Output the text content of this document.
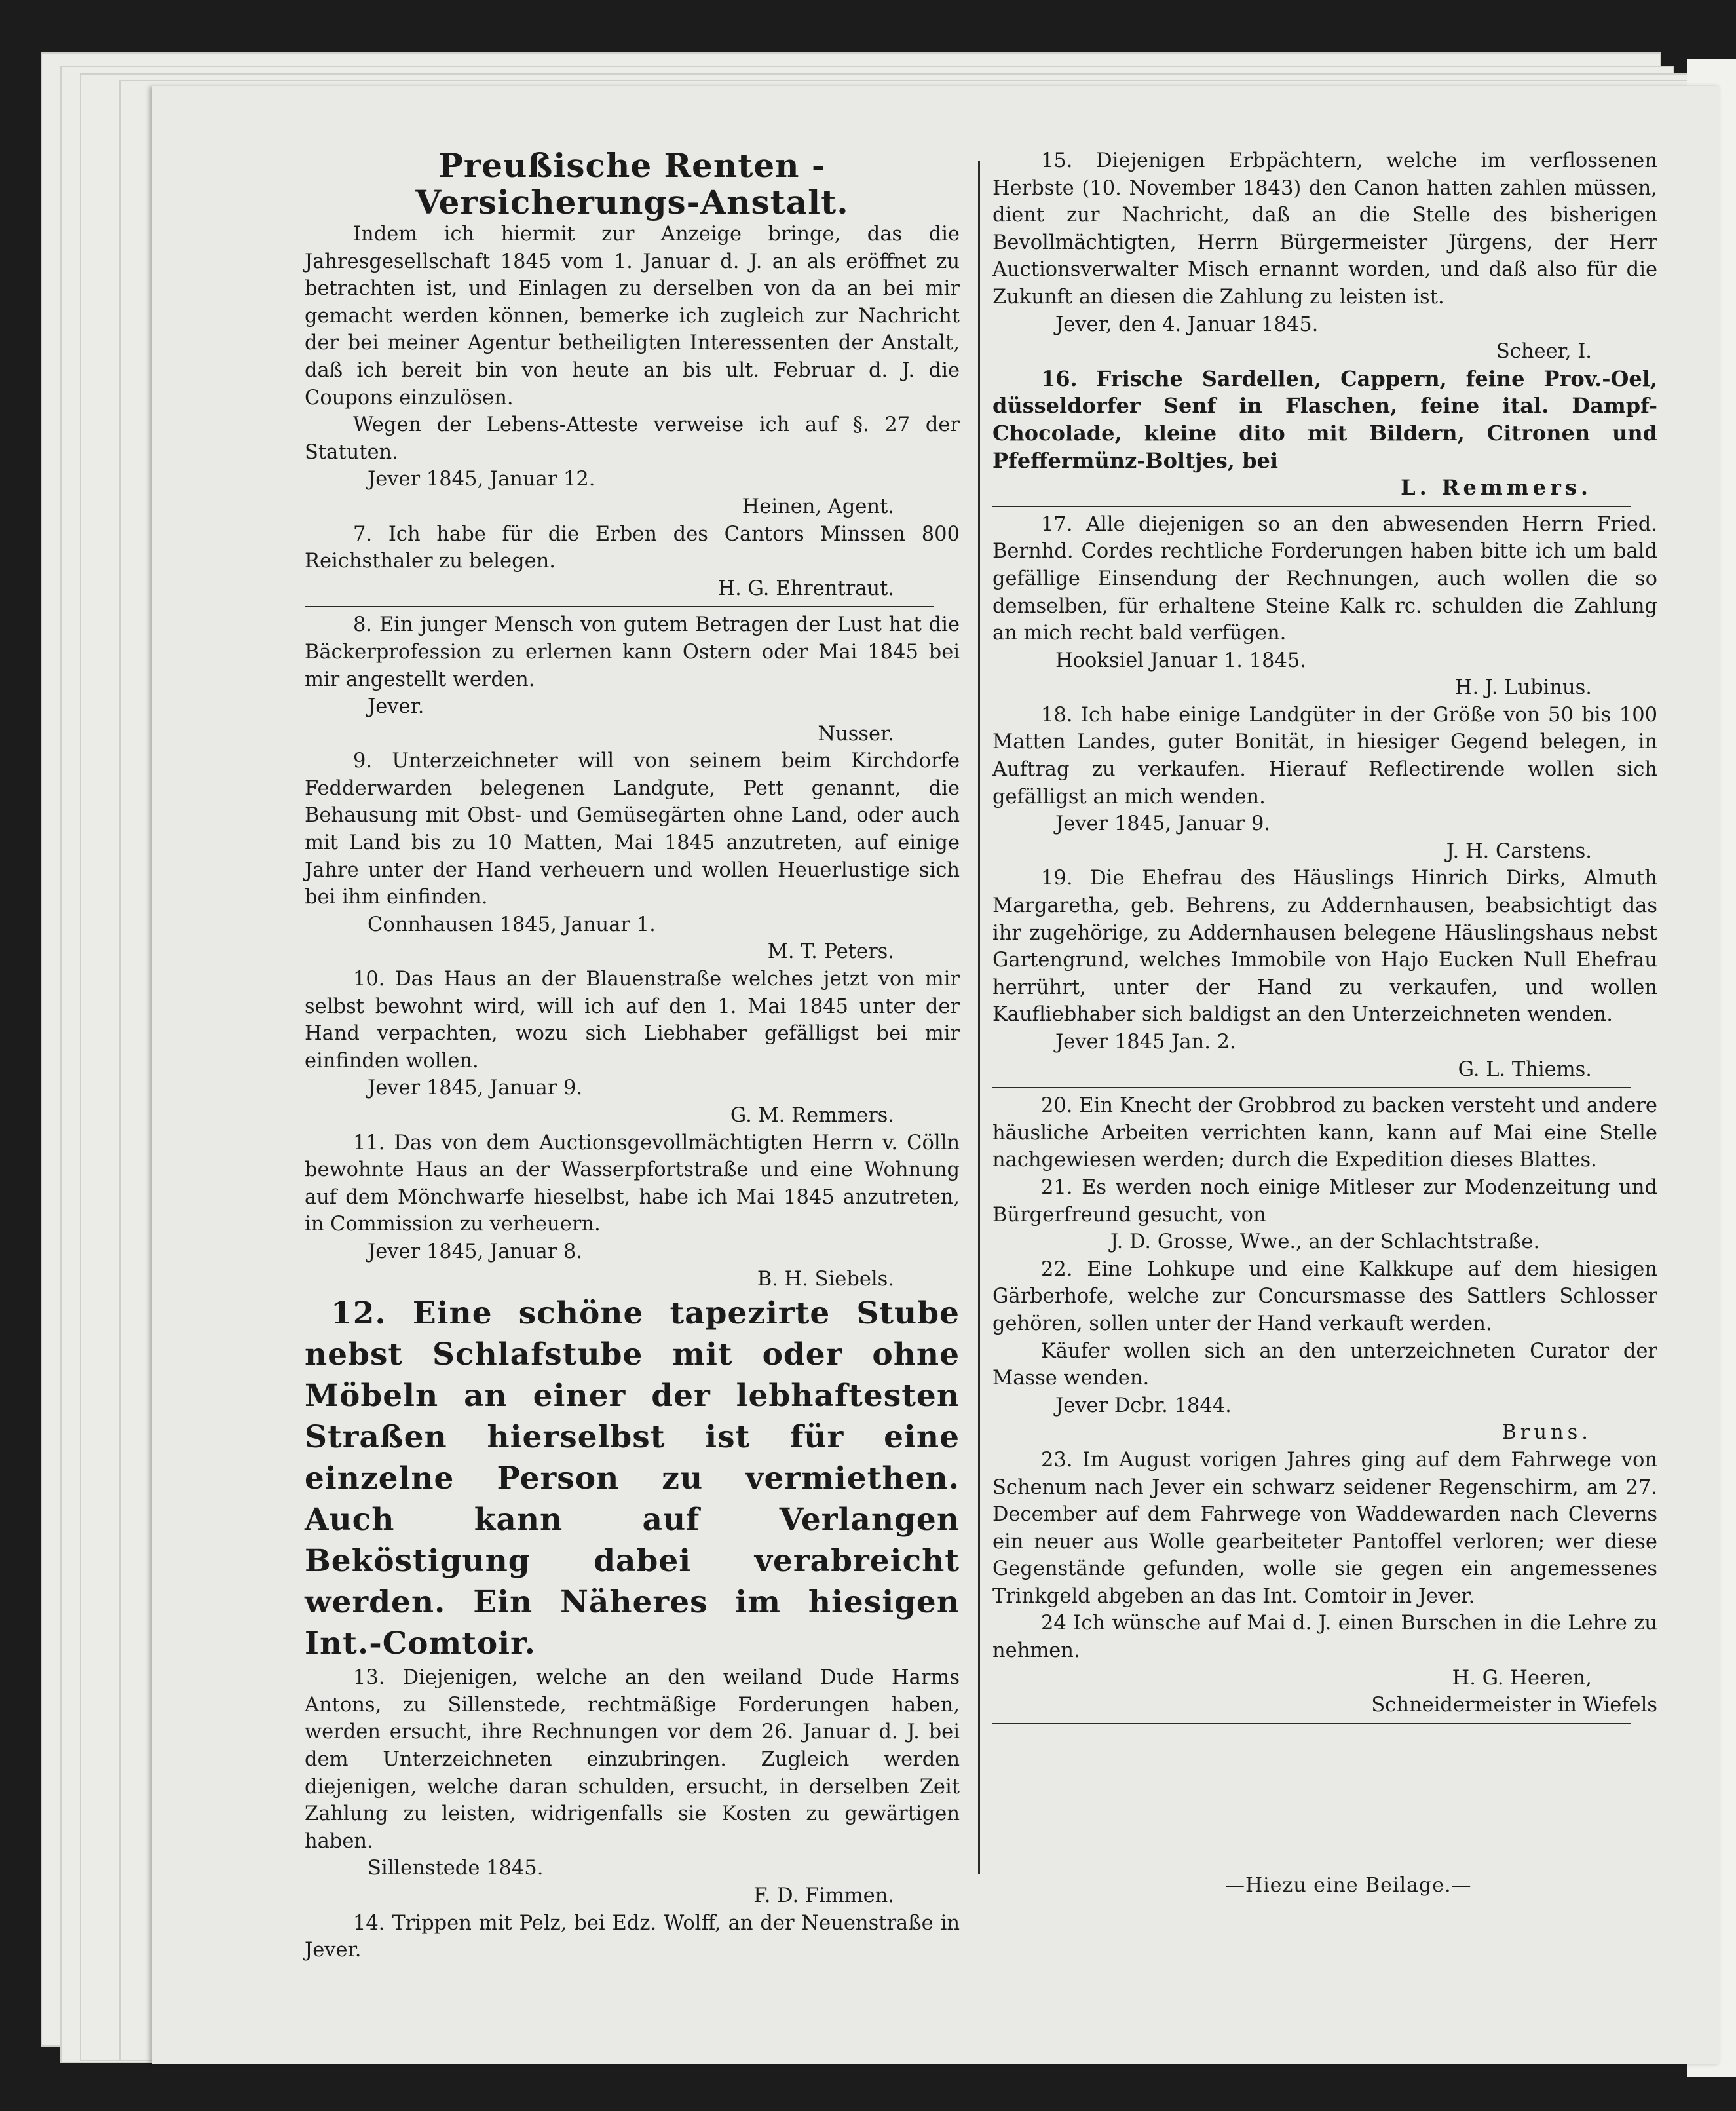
Preußische Renten - Versicherungs-Anstalt.

Indem ich hiermit zur Anzeige bringe, das die Jahresgesellschaft 1845 vom 1. Januar d. J. an als eröffnet zu betrachten ist, und Einlagen zu derselben von da an bei mir gemacht werden können, bemerke ich zugleich zur Nachricht der bei meiner Agentur betheiligten Interessenten der Anstalt, daß ich bereit bin von heute an bis ult. Februar d. J. die Coupons einzulösen.

Wegen der Lebens-Atteste verweise ich auf §. 27 der Statuten.

Jever 1845, Januar 12.

Heinen, Agent.

7. Ich habe für die Erben des Cantors Minssen 800 Reichsthaler zu belegen.

H. G. Ehrentraut.

8. Ein junger Mensch von gutem Betragen der Lust hat die Bäckerprofession zu erlernen kann Ostern oder Mai 1845 bei mir angestellt werden.

Jever.

Nusser.

9. Unterzeichneter will von seinem beim Kirchdorfe Fedderwarden belegenen Landgute, Pett genannt, die Behausung mit Obst- und Gemüsegärten ohne Land, oder auch mit Land bis zu 10 Matten, Mai 1845 anzutreten, auf einige Jahre unter der Hand verheuern und wollen Heuerlustige sich bei ihm einfinden.

Connhausen 1845, Januar 1.

M. T. Peters.

10. Das Haus an der Blauenstraße welches jetzt von mir selbst bewohnt wird, will ich auf den 1. Mai 1845 unter der Hand verpachten, wozu sich Liebhaber gefälligst bei mir einfinden wollen.

Jever 1845, Januar 9.

G. M. Remmers.

11. Das von dem Auctionsgevollmächtigten Herrn v. Cölln bewohnte Haus an der Wasserpfortstraße und eine Wohnung auf dem Mönchwarfe hieselbst, habe ich Mai 1845 anzutreten, in Commission zu verheuern.

Jever 1845, Januar 8.

B. H. Siebels.

12. Eine schöne tapezirte Stube nebst Schlafstube mit oder ohne Möbeln an einer der lebhaftesten Straßen hierselbst ist für eine einzelne Person zu vermiethen. Auch kann auf Verlangen Beköstigung dabei verabreicht werden. Ein Näheres im hiesigen Int.-Comtoir.

13. Diejenigen, welche an den weiland Dude Harms Antons, zu Sillenstede, rechtmäßige Forderungen haben, werden ersucht, ihre Rechnungen vor dem 26. Januar d. J. bei dem Unterzeichneten einzubringen. Zugleich werden diejenigen, welche daran schulden, ersucht, in derselben Zeit Zahlung zu leisten, widrigenfalls sie Kosten zu gewärtigen haben.

Sillenstede 1845.

F. D. Fimmen.

14. Trippen mit Pelz, bei Edz. Wolff, an der Neuenstraße in Jever.

15. Diejenigen Erbpächtern, welche im verflossenen Herbste (10. November 1843) den Canon hatten zahlen müssen, dient zur Nachricht, daß an die Stelle des bisherigen Bevollmächtigten, Herrn Bürgermeister Jürgens, der Herr Auctionsverwalter Misch ernannt worden, und daß also für die Zukunft an diesen die Zahlung zu leisten ist.

Jever, den 4. Januar 1845.

Scheer, I.

16. Frische Sardellen, Cappern, feine Prov.-Oel, düsseldorfer Senf in Flaschen, feine ital. Dampf-Chocolade, kleine dito mit Bildern, Citronen und Pfeffermünz-Boltjes, bei

L. Remmers.

17. Alle diejenigen so an den abwesenden Herrn Fried. Bernhd. Cordes rechtliche Forderungen haben bitte ich um bald gefällige Einsendung der Rechnungen, auch wollen die so demselben, für erhaltene Steine Kalk rc. schulden die Zahlung an mich recht bald verfügen.

Hooksiel Januar 1. 1845.

H. J. Lubinus.

18. Ich habe einige Landgüter in der Größe von 50 bis 100 Matten Landes, guter Bonität, in hiesiger Gegend belegen, in Auftrag zu verkaufen. Hierauf Reflectirende wollen sich gefälligst an mich wenden.

Jever 1845, Januar 9.

J. H. Carstens.

19. Die Ehefrau des Häuslings Hinrich Dirks, Almuth Margaretha, geb. Behrens, zu Addernhausen, beabsichtigt das ihr zugehörige, zu Addernhausen belegene Häuslingshaus nebst Gartengrund, welches Immobile von Hajo Eucken Null Ehefrau herrührt, unter der Hand zu verkaufen, und wollen Kaufliebhaber sich baldigst an den Unterzeichneten wenden.

Jever 1845 Jan. 2.

G. L. Thiems.

20. Ein Knecht der Grobbrod zu backen versteht und andere häusliche Arbeiten verrichten kann, kann auf Mai eine Stelle nachgewiesen werden; durch die Expedition dieses Blattes.

21. Es werden noch einige Mitleser zur Modenzeitung und Bürgerfreund gesucht, von

J. D. Grosse, Wwe., an der Schlachtstraße.

22. Eine Lohkupe und eine Kalkkupe auf dem hiesigen Gärberhofe, welche zur Concursmasse des Sattlers Schlosser gehören, sollen unter der Hand verkauft werden.

Käufer wollen sich an den unterzeichneten Curator der Masse wenden.

Jever Dcbr. 1844.

Bruns.

23. Im August vorigen Jahres ging auf dem Fahrwege von Schenum nach Jever ein schwarz seidener Regenschirm, am 27. December auf dem Fahrwege von Waddewarden nach Cleverns ein neuer aus Wolle gearbeiteter Pantoffel verloren; wer diese Gegenstände gefunden, wolle sie gegen ein angemessenes Trinkgeld abgeben an das Int. Comtoir in Jever.

24 Ich wünsche auf Mai d. J. einen Burschen in die Lehre zu nehmen.

H. G. Heeren,

Schneidermeister in Wiefels

—Hiezu eine Beilage.—
